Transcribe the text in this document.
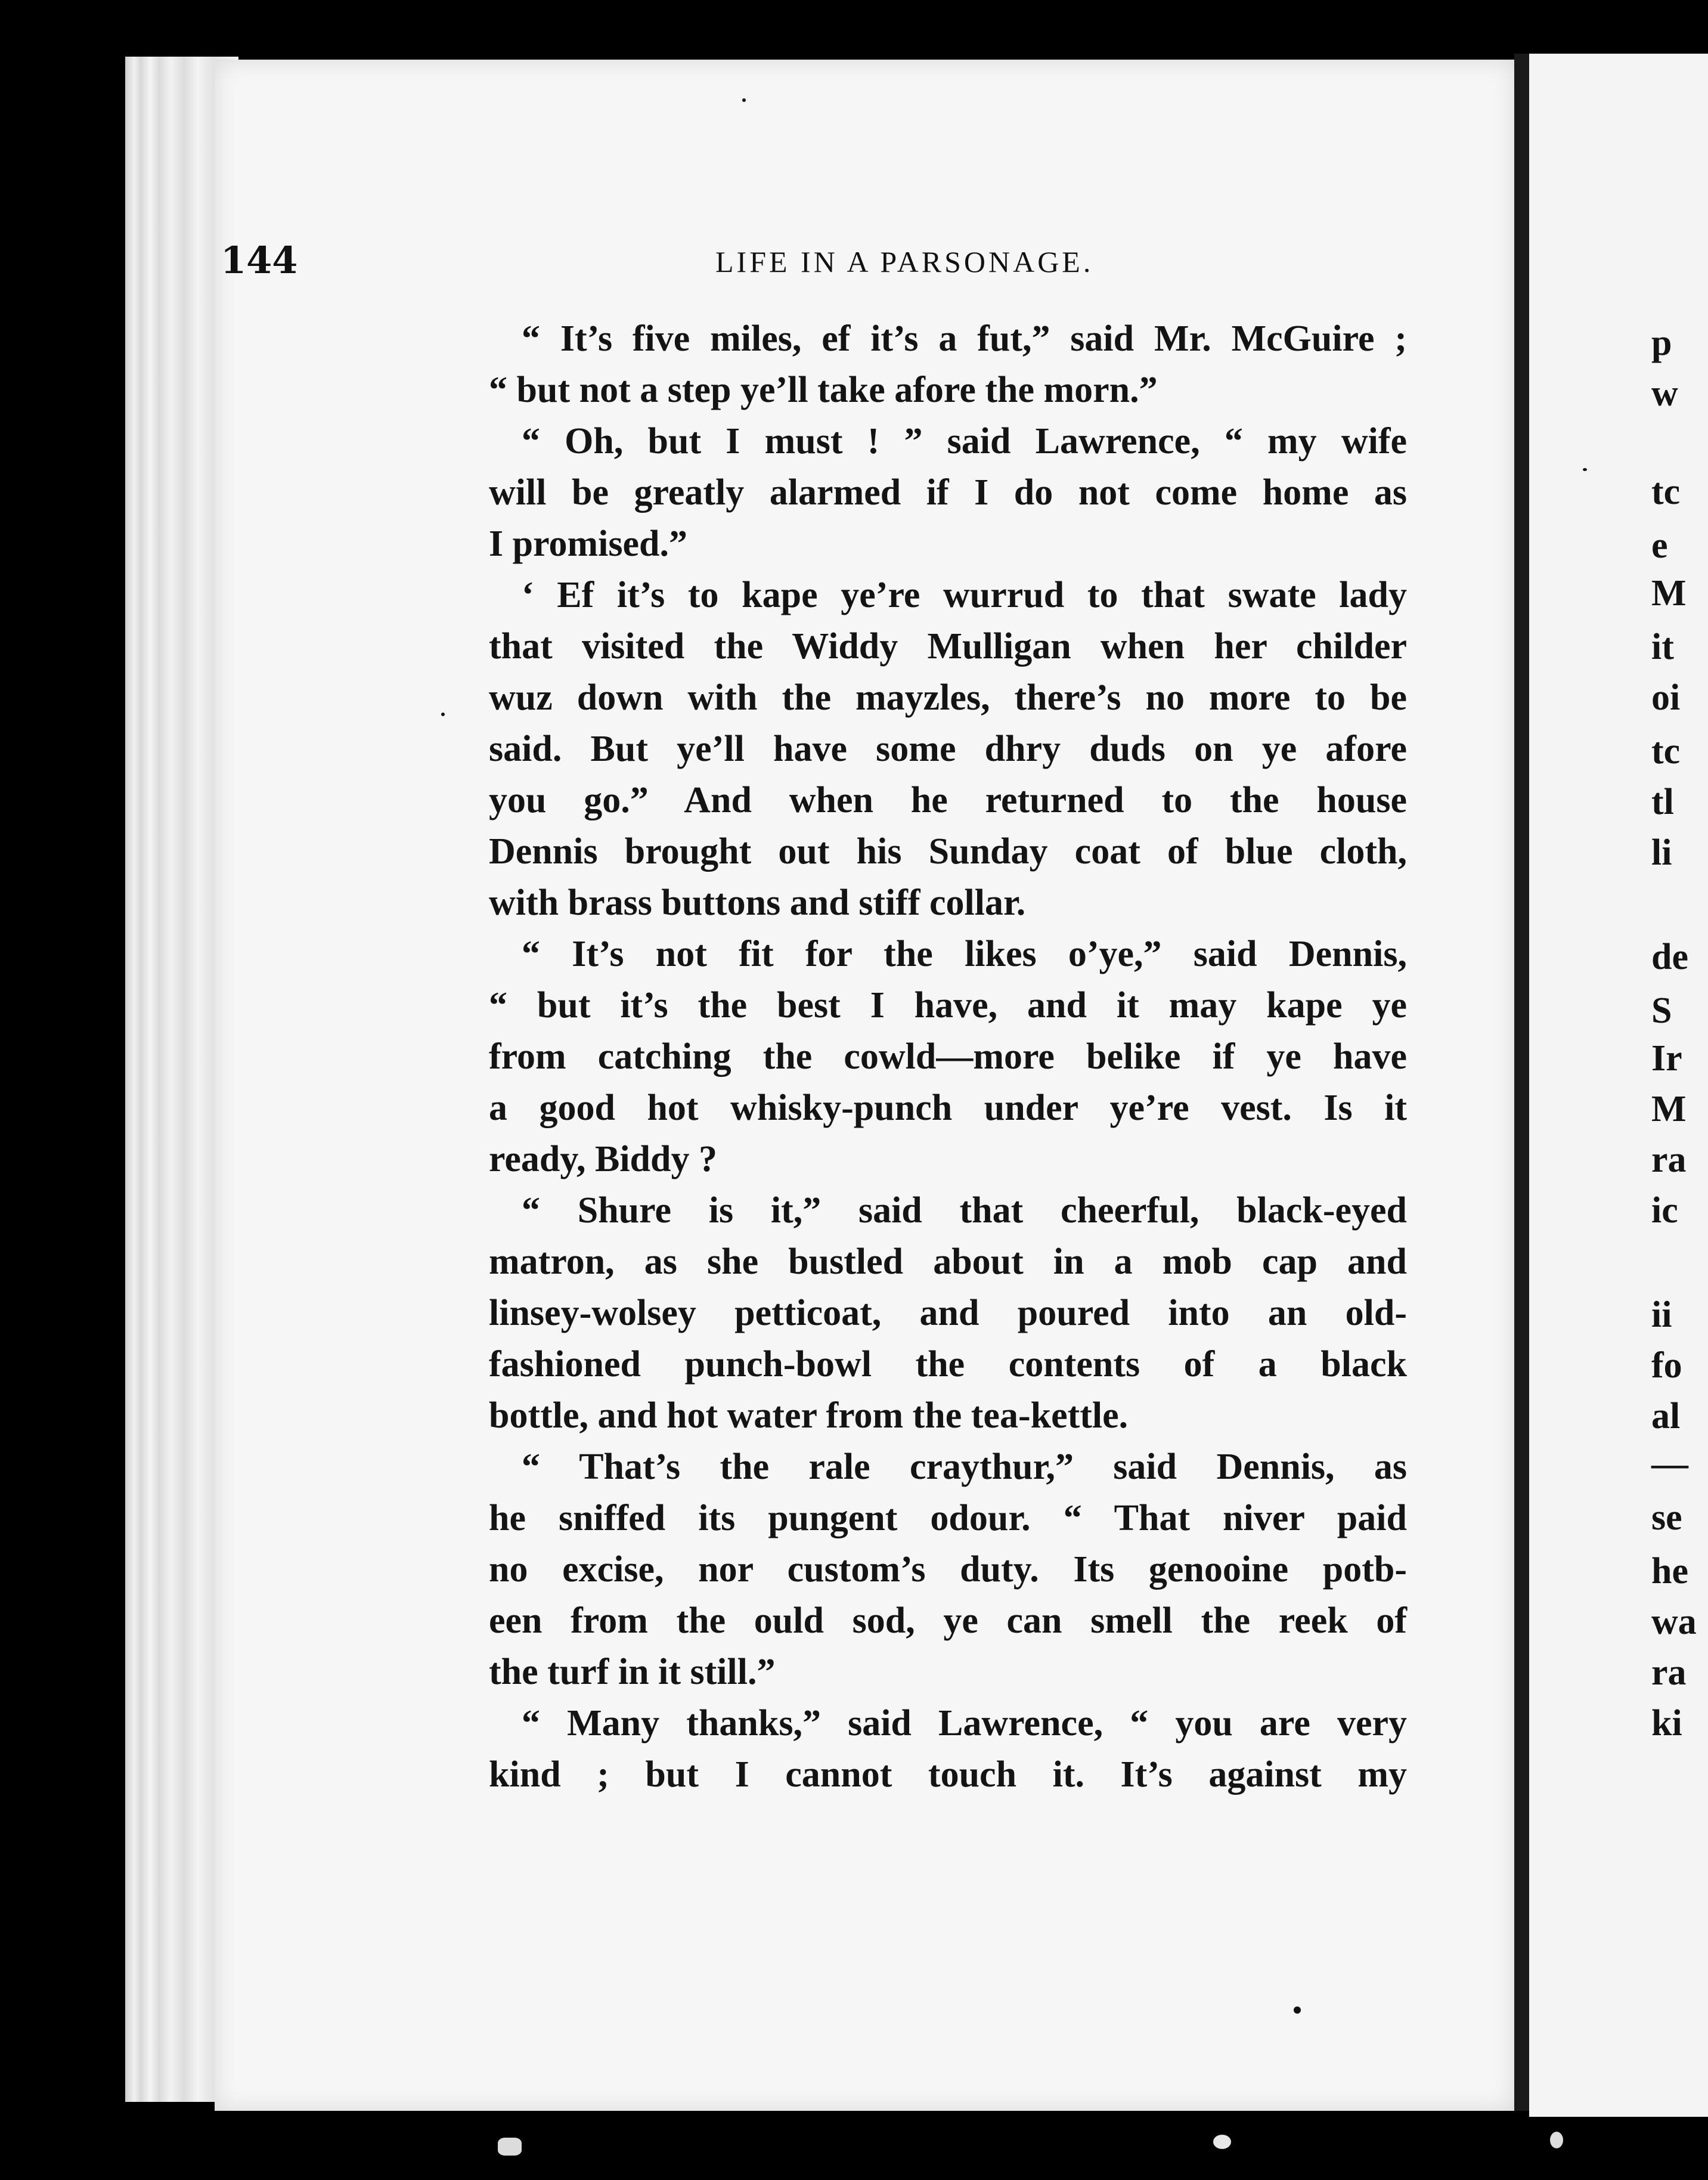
144	LIFE IN A PARSONAGE.
“ It’s five miles, ef it’s a fut,” said Mr. McGuire ;
“ but not a step ye’ll take afore the morn.”
“ Oh, but I must ! ” said Lawrence, “ my wife
will be greatly alarmed if I do not come home as
I promised.”
‘ Ef it’s to kape ye’re wurrud to that swate lady
that visited the Widdy Mulligan when her childer
wuz down with the mayzles, there’s no more to be
said. But ye’ll have some dhry duds on ye afore
you go.” And when he returned to the house
Dennis brought out his Sunday coat of blue cloth,
with brass buttons and stiff collar.
“ It’s not fit for the likes o’ye,” said Dennis,
“ but it’s the best I have, and it may kape ye
from catching the cowld—more belike if ye have
a good hot whisky-punch under ye’re vest. Is it
ready, Biddy ?
“ Shure is it,” said that cheerful, black-eyed
matron, as she bustled about in a mob cap and
linsey-wolsey petticoat, and poured into an old-
fashioned punch-bowl the contents of a black
bottle, and hot water from the tea-kettle.
“ That’s the rale craythur,” said Dennis, as
he sniffed its pungent odour. “ That niver paid
no excise, nor custom’s duty. Its genooine potb-
een from the ould sod, ye can smell the reek of
the turf in it still.”
“ Many thanks,” said Lawrence, “ you are very
kind ; but I cannot touch it. It’s against my
p
w
tc
e
M
it
oi
tc
tl
li
de
S
Ir
M
ra
ic
ii
fo
al
—
se
he
wa
ra
ki
